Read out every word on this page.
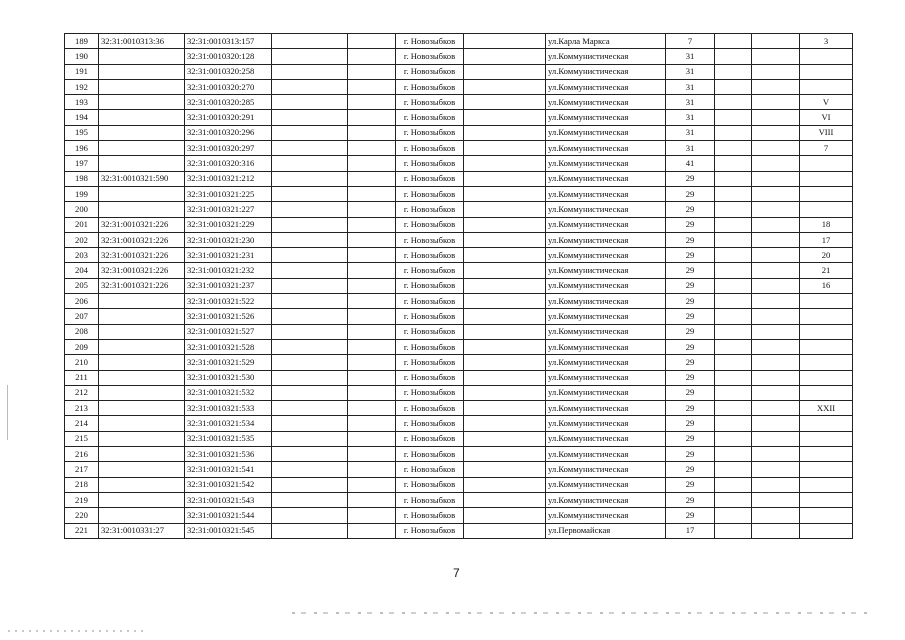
189	32:31:0010313:36	32:31:0010313:157			г. Новозыбков		ул.Карла Маркса	7			3
190		32:31:0010320:128			г. Новозыбков		ул.Коммунистическая	31			
191		32:31:0010320:258			г. Новозыбков		ул.Коммунистическая	31			
192		32:31:0010320:270			г. Новозыбков		ул.Коммунистическая	31			
193		32:31:0010320:285			г. Новозыбков		ул.Коммунистическая	31			V
194		32:31:0010320:291			г. Новозыбков		ул.Коммунистическая	31			VI
195		32:31:0010320:296			г. Новозыбков		ул.Коммунистическая	31			VIII
196		32:31:0010320:297			г. Новозыбков		ул.Коммунистическая	31			7
197		32:31:0010320:316			г. Новозыбков		ул.Коммунистическая	41			
198	32:31:0010321:590	32:31:0010321:212			г. Новозыбков		ул.Коммунистическая	29			
199		32:31:0010321:225			г. Новозыбков		ул.Коммунистическая	29			
200		32:31:0010321:227			г. Новозыбков		ул.Коммунистическая	29			
201	32:31:0010321:226	32:31:0010321:229			г. Новозыбков		ул.Коммунистическая	29			18
202	32:31:0010321:226	32:31:0010321:230			г. Новозыбков		ул.Коммунистическая	29			17
203	32:31:0010321:226	32:31:0010321:231			г. Новозыбков		ул.Коммунистическая	29			20
204	32:31:0010321:226	32:31:0010321:232			г. Новозыбков		ул.Коммунистическая	29			21
205	32:31:0010321:226	32:31:0010321:237			г. Новозыбков		ул.Коммунистическая	29			16
206		32:31:0010321:522			г. Новозыбков		ул.Коммунистическая	29			
207		32:31:0010321:526			г. Новозыбков		ул.Коммунистическая	29			
208		32:31:0010321:527			г. Новозыбков		ул.Коммунистическая	29			
209		32:31:0010321:528			г. Новозыбков		ул.Коммунистическая	29			
210		32:31:0010321:529			г. Новозыбков		ул.Коммунистическая	29			
211		32:31:0010321:530			г. Новозыбков		ул.Коммунистическая	29			
212		32:31:0010321:532			г. Новозыбков		ул.Коммунистическая	29			
213		32:31:0010321:533			г. Новозыбков		ул.Коммунистическая	29			XXII
214		32:31:0010321:534			г. Новозыбков		ул.Коммунистическая	29			
215		32:31:0010321:535			г. Новозыбков		ул.Коммунистическая	29			
216		32:31:0010321:536			г. Новозыбков		ул.Коммунистическая	29			
217		32:31:0010321:541			г. Новозыбков		ул.Коммунистическая	29			
218		32:31:0010321:542			г. Новозыбков		ул.Коммунистическая	29			
219		32:31:0010321:543			г. Новозыбков		ул.Коммунистическая	29			
220		32:31:0010321:544			г. Новозыбков		ул.Коммунистическая	29			
221	32:31:0010331:27	32:31:0010321:545			г. Новозыбков		ул.Первомайская	17			
7
